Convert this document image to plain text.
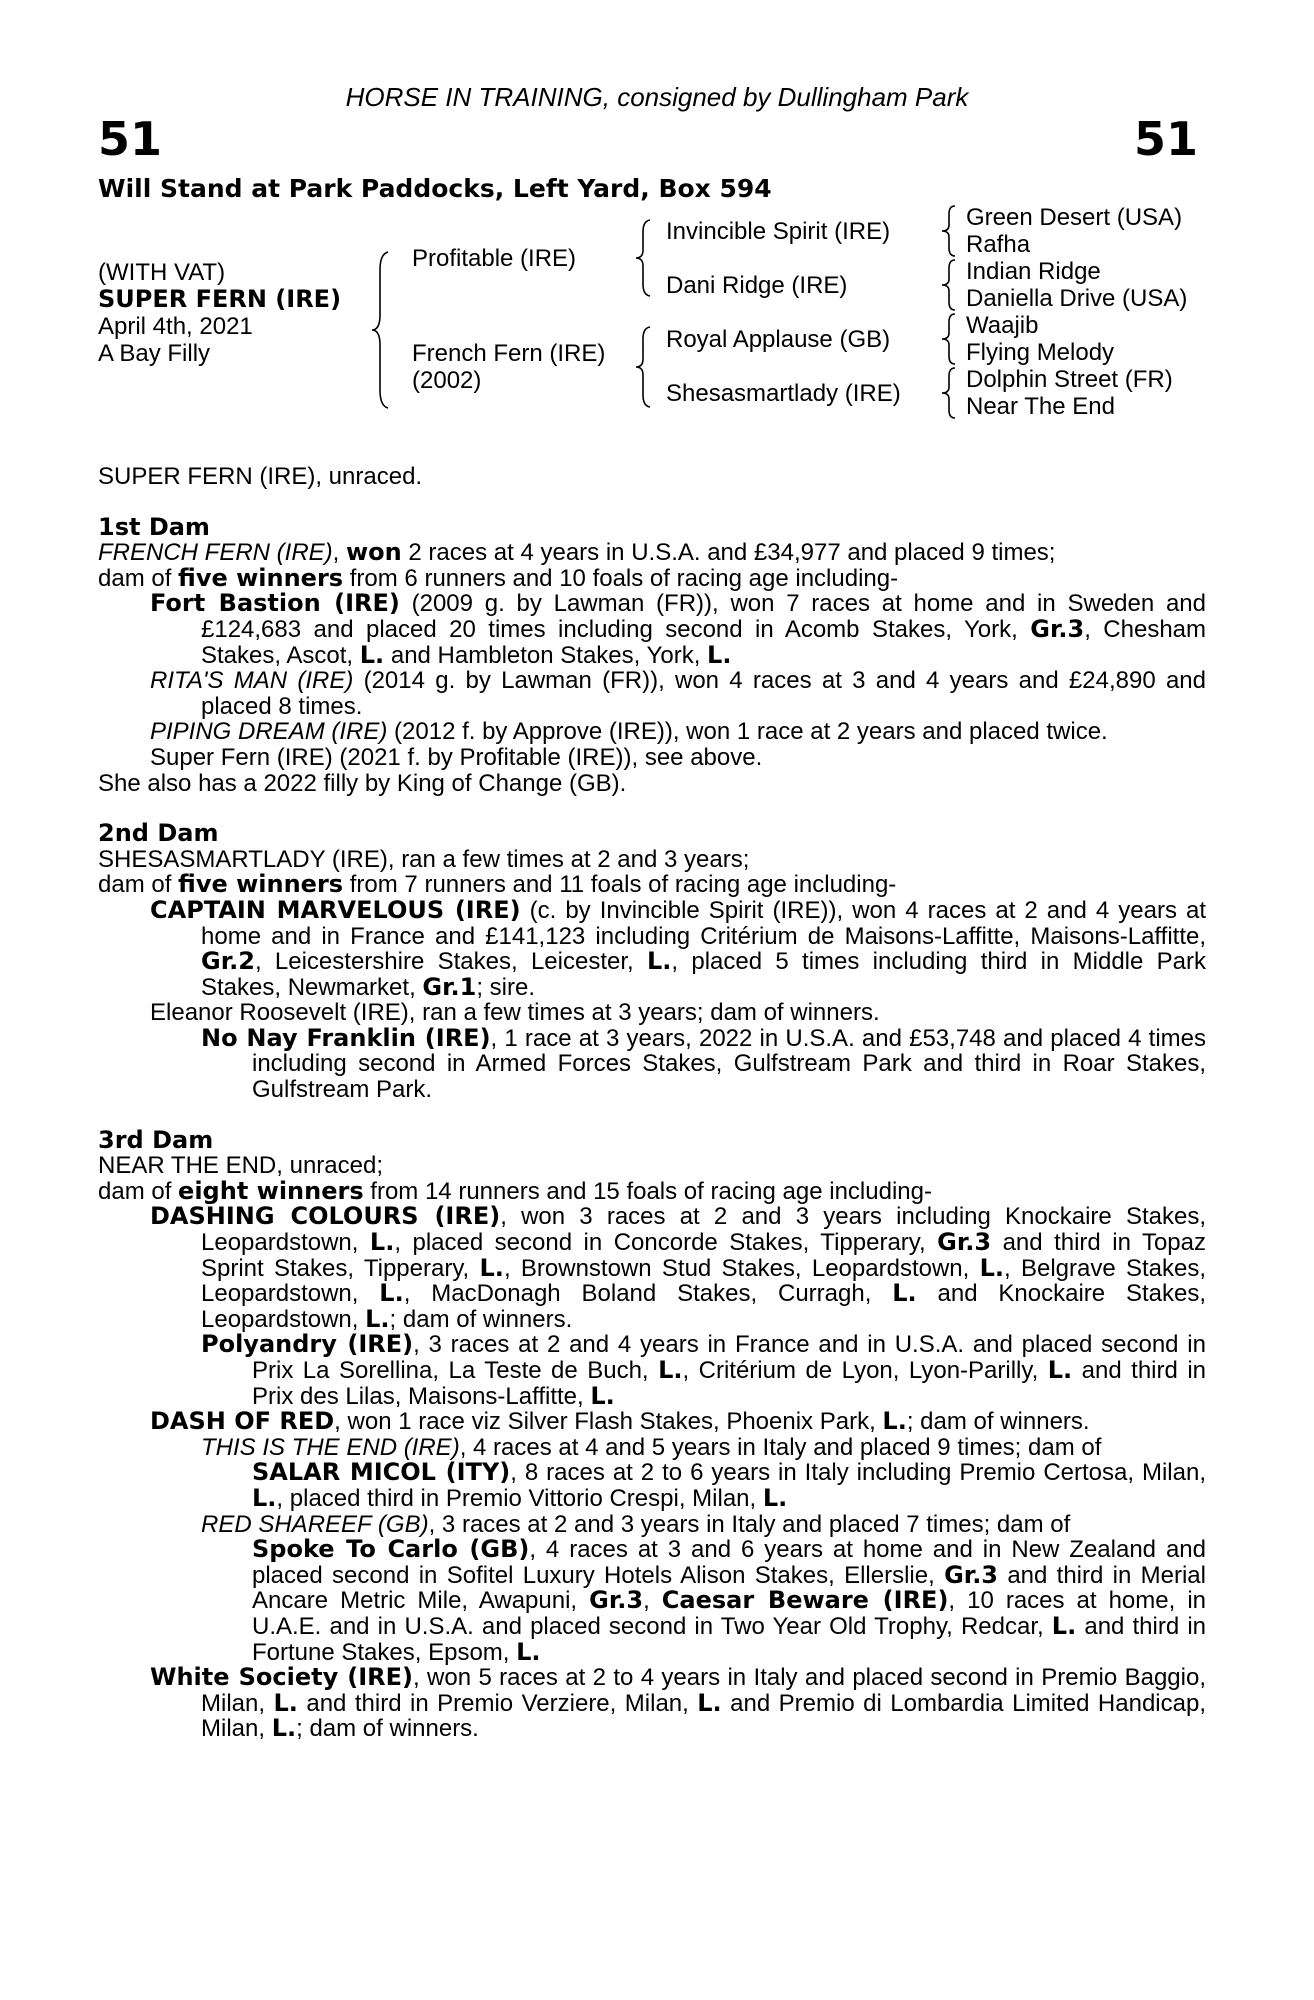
HORSE IN TRAINING, consigned by Dullingham Park
51	51
Will Stand at Park Paddocks, Left Yard, Box 594
(WITH VAT)
SUPER FERN (IRE)
April 4th, 2021
A Bay Filly
Profitable (IRE)
French Fern (IRE)
(2002)
Invincible Spirit (IRE)
Dani Ridge (IRE)
Royal Applause (GB)
Shesasmartlady (IRE)
Green Desert (USA)
Rafha
Indian Ridge
Daniella Drive (USA)
Waajib
Flying Melody
Dolphin Street (FR)
Near The End

SUPER FERN (IRE), unraced.

1st Dam

FRENCH FERN (IRE), won 2 races at 4 years in U.S.A. and £34,977 and placed 9 times;

dam of five winners from 6 runners and 10 foals of racing age including-

Fort Bastion (IRE) (2009 g. by Lawman (FR)), won 7 races at home and in Sweden and £124,683 and placed 20 times including second in Acomb Stakes, York, Gr.3, Chesham Stakes, Ascot, L. and Hambleton Stakes, York, L.

RITA'S MAN (IRE) (2014 g. by Lawman (FR)), won 4 races at 3 and 4 years and £24,890 and placed 8 times.

PIPING DREAM (IRE) (2012 f. by Approve (IRE)), won 1 race at 2 years and placed twice.

Super Fern (IRE) (2021 f. by Profitable (IRE)), see above.

She also has a 2022 filly by King of Change (GB).

2nd Dam

SHESASMARTLADY (IRE), ran a few times at 2 and 3 years;

dam of five winners from 7 runners and 11 foals of racing age including-

CAPTAIN MARVELOUS (IRE) (c. by Invincible Spirit (IRE)), won 4 races at 2 and 4 years at home and in France and £141,123 including Critérium de Maisons-Laffitte, Maisons-Laffitte, Gr.2, Leicestershire Stakes, Leicester, L., placed 5 times including third in Middle Park Stakes, Newmarket, Gr.1; sire.

Eleanor Roosevelt (IRE), ran a few times at 3 years; dam of winners.

No Nay Franklin (IRE), 1 race at 3 years, 2022 in U.S.A. and £53,748 and placed 4 times including second in Armed Forces Stakes, Gulfstream Park and third in Roar Stakes, Gulfstream Park.

3rd Dam

NEAR THE END, unraced;

dam of eight winners from 14 runners and 15 foals of racing age including-

DASHING COLOURS (IRE), won 3 races at 2 and 3 years including Knockaire Stakes, Leopardstown, L., placed second in Concorde Stakes, Tipperary, Gr.3 and third in Topaz Sprint Stakes, Tipperary, L., Brownstown Stud Stakes, Leopardstown, L., Belgrave Stakes, Leopardstown, L., MacDonagh Boland Stakes, Curragh, L. and Knockaire Stakes, Leopardstown, L.; dam of winners.

Polyandry (IRE), 3 races at 2 and 4 years in France and in U.S.A. and placed second in Prix La Sorellina, La Teste de Buch, L., Critérium de Lyon, Lyon-Parilly, L. and third in Prix des Lilas, Maisons-Laffitte, L.

DASH OF RED, won 1 race viz Silver Flash Stakes, Phoenix Park, L.; dam of winners.

THIS IS THE END (IRE), 4 races at 4 and 5 years in Italy and placed 9 times; dam of

SALAR MICOL (ITY), 8 races at 2 to 6 years in Italy including Premio Certosa, Milan, L., placed third in Premio Vittorio Crespi, Milan, L.

RED SHAREEF (GB), 3 races at 2 and 3 years in Italy and placed 7 times; dam of

Spoke To Carlo (GB), 4 races at 3 and 6 years at home and in New Zealand and placed second in Sofitel Luxury Hotels Alison Stakes, Ellerslie, Gr.3 and third in Merial Ancare Metric Mile, Awapuni, Gr.3, Caesar Beware (IRE), 10 races at home, in U.A.E. and in U.S.A. and placed second in Two Year Old Trophy, Redcar, L. and third in Fortune Stakes, Epsom, L.

White Society (IRE), won 5 races at 2 to 4 years in Italy and placed second in Premio Baggio, Milan, L. and third in Premio Verziere, Milan, L. and Premio di Lombardia Limited Handicap, Milan, L.; dam of winners.
